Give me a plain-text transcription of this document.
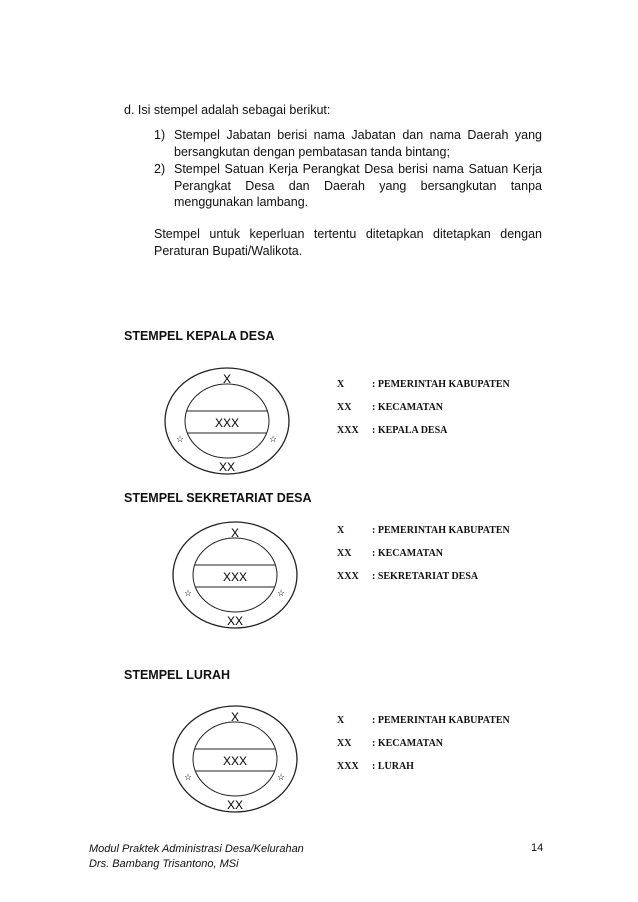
d. Isi stempel adalah sebagai berikut:
1) Stempel Jabatan berisi nama Jabatan dan nama Daerah yang bersangkutan dengan pembatasan tanda bintang;
2) Stempel Satuan Kerja Perangkat Desa berisi nama Satuan Kerja Perangkat Desa dan Daerah yang bersangkutan tanpa menggunakan lambang.
Stempel untuk keperluan tertentu ditetapkan ditetapkan dengan Peraturan Bupati/Walikota.
STEMPEL KEPALA DESA
X
XXX
XX
☆	☆
X	: PEMERINTAH KABUPATEN
XX	: KECAMATAN
XXX	: KEPALA DESA
STEMPEL SEKRETARIAT DESA
X
XXX
XX
☆	☆
X	: PEMERINTAH KABUPATEN
XX	: KECAMATAN
XXX	: SEKRETARIAT DESA
STEMPEL LURAH
X
XXX
XX
☆	☆
X	: PEMERINTAH KABUPATEN
XX	: KECAMATAN
XXX	: LURAH
Modul Praktek Administrasi Desa/Kelurahan
Drs. Bambang Trisantono, MSi
14
